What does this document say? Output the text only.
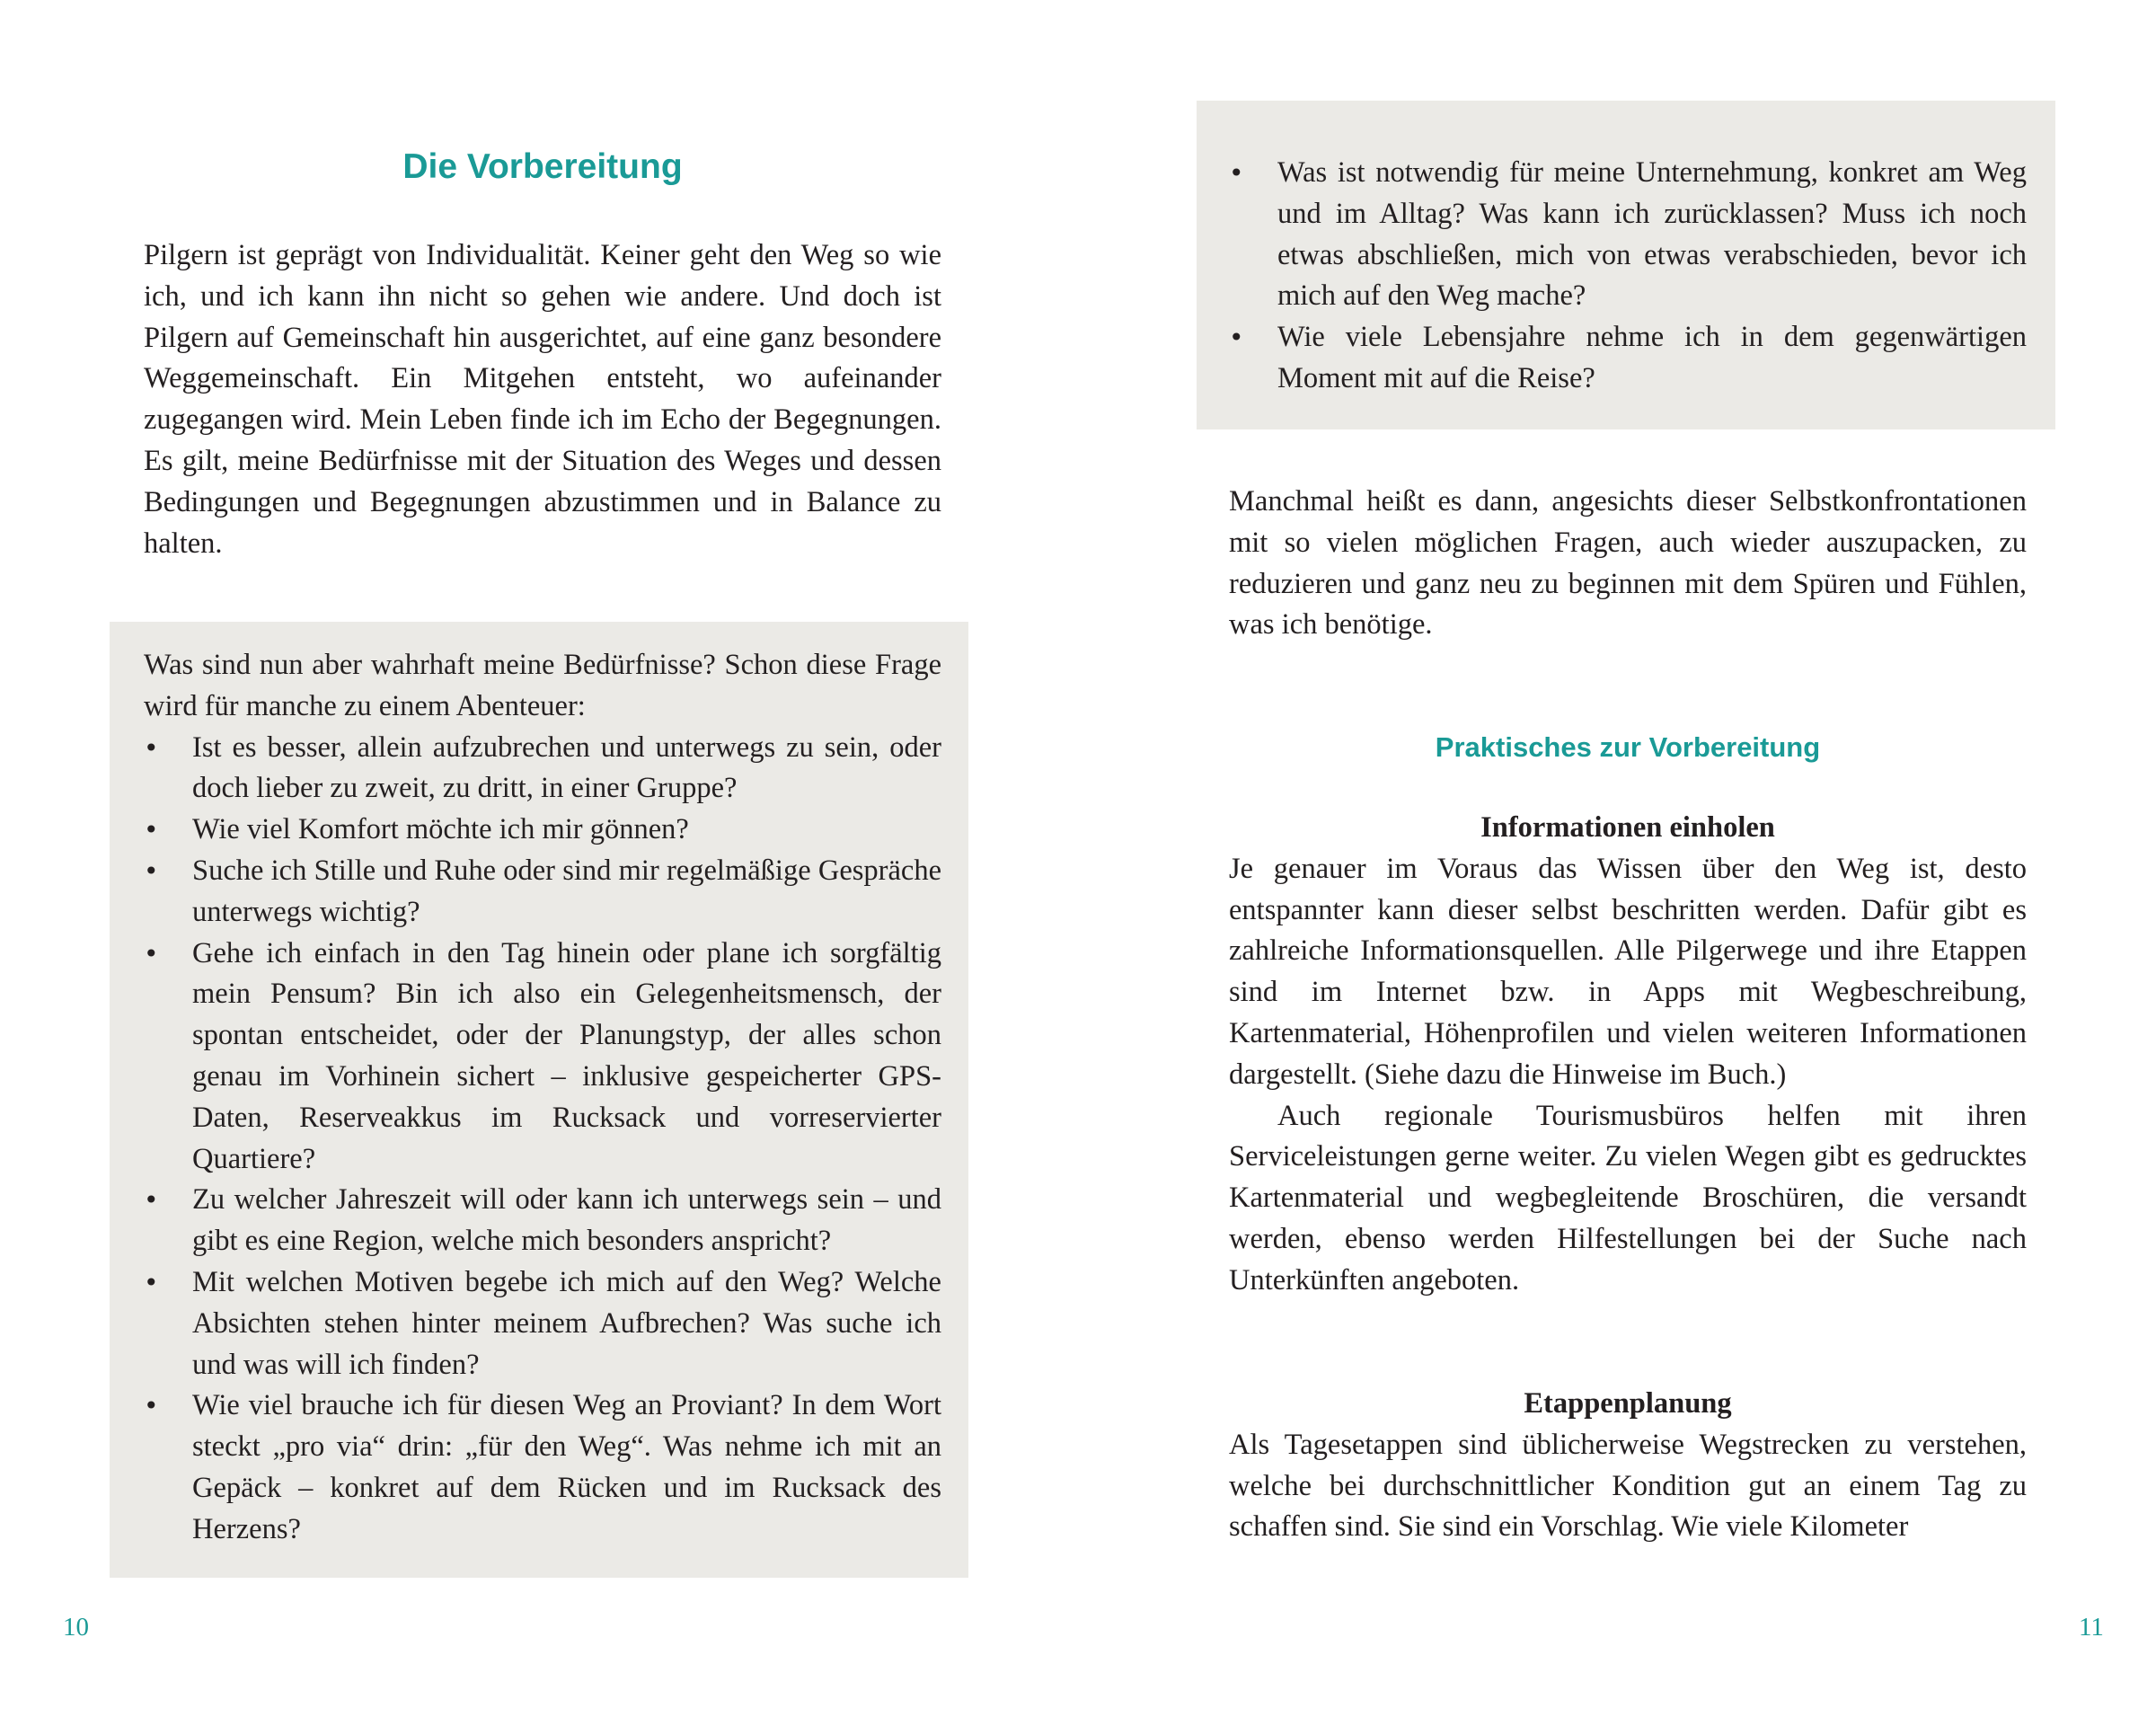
Die Vorbereitung

Pilgern ist geprägt von Individualität. Keiner geht den Weg so wie ich, und ich kann ihn nicht so gehen wie andere. Und doch ist Pilgern auf Gemeinschaft hin ausgerichtet, auf eine ganz besondere Weggemeinschaft. Ein Mitgehen entsteht, wo aufeinander zugegangen wird. Mein Leben finde ich im Echo der Begegnungen. Es gilt, meine Bedürfnisse mit der Situation des Weges und dessen Bedingungen und Begegnungen abzustimmen und in Balance zu halten.

Was sind nun aber wahrhaft meine Bedürfnisse? Schon diese Frage wird für manche zu einem Abenteuer:

• Ist es besser, allein aufzubrechen und unterwegs zu sein, oder doch lieber zu zweit, zu dritt, in einer Gruppe?
• Wie viel Komfort möchte ich mir gönnen?
• Suche ich Stille und Ruhe oder sind mir regelmäßige Gespräche unterwegs wichtig?
• Gehe ich einfach in den Tag hinein oder plane ich sorgfältig mein Pensum? Bin ich also ein Gelegenheitsmensch, der spontan entscheidet, oder der Planungstyp, der alles schon genau im Vorhinein sichert – inklusive gespeicherter GPS-Daten, Reserveakkus im Rucksack und vorreservierter Quartiere?
• Zu welcher Jahreszeit will oder kann ich unterwegs sein – und gibt es eine Region, welche mich besonders anspricht?
• Mit welchen Motiven begebe ich mich auf den Weg? Welche Absichten stehen hinter meinem Aufbrechen? Was suche ich und was will ich finden?
• Wie viel brauche ich für diesen Weg an Proviant? In dem Wort steckt „pro via“ drin: „für den Weg“. Was nehme ich mit an Gepäck – konkret auf dem Rücken und im Rucksack des Herzens?
10
• Was ist notwendig für meine Unternehmung, konkret am Weg und im Alltag? Was kann ich zurücklassen? Muss ich noch etwas abschließen, mich von etwas verabschieden, bevor ich mich auf den Weg mache?
• Wie viele Lebensjahre nehme ich in dem gegenwärtigen Moment mit auf die Reise?

Manchmal heißt es dann, angesichts dieser Selbstkonfrontationen mit so vielen möglichen Fragen, auch wieder auszupacken, zu reduzieren und ganz neu zu beginnen mit dem Spüren und Fühlen, was ich benötige.

Praktisches zur Vorbereitung
Informationen einholen

Je genauer im Voraus das Wissen über den Weg ist, desto entspannter kann dieser selbst beschritten werden. Dafür gibt es zahlreiche Informationsquellen. Alle Pilgerwege und ihre Etappen sind im Internet bzw. in Apps mit Wegbeschreibung, Kartenmaterial, Höhenprofilen und vielen weiteren Informationen dargestellt. (Siehe dazu die Hinweise im Buch.)

Auch regionale Tourismusbüros helfen mit ihren Serviceleistungen gerne weiter. Zu vielen Wegen gibt es gedrucktes Kartenmaterial und wegbegleitende Broschüren, die versandt werden, ebenso werden Hilfestellungen bei der Suche nach Unterkünften angeboten.

Etappenplanung

Als Tagesetappen sind üblicherweise Wegstrecken zu verstehen, welche bei durchschnittlicher Kondition gut an einem Tag zu schaffen sind. Sie sind ein Vorschlag. Wie viele Kilometer

11
